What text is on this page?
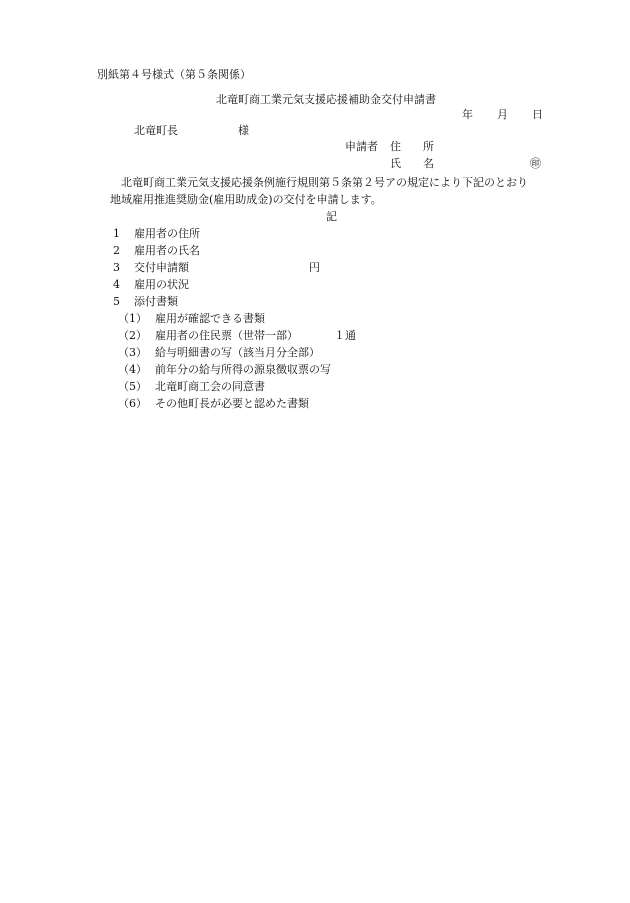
別紙第４号様式（第５条関係）
北竜町商工業元気支援応援補助金交付申請書
年 月 日
北竜町長	様
申請者 住　　所
氏　　名	㊞
北竜町商工業元気支援応援条例施行規則第５条第２号アの規定により下記のとおり
地域雇用推進奨励金(雇用助成金)の交付を申請します。
記
1 雇用者の住所
2 雇用者の氏名
3 交付申請額	円
4 雇用の状況
5 添付書類
（1） 雇用が確認できる書類
（2） 雇用者の住民票（世帯一部）	１通
（3） 給与明細書の写（該当月分全部）
（4） 前年分の給与所得の源泉徴収票の写
（5） 北竜町商工会の同意書
（6） その他町長が必要と認めた書類
